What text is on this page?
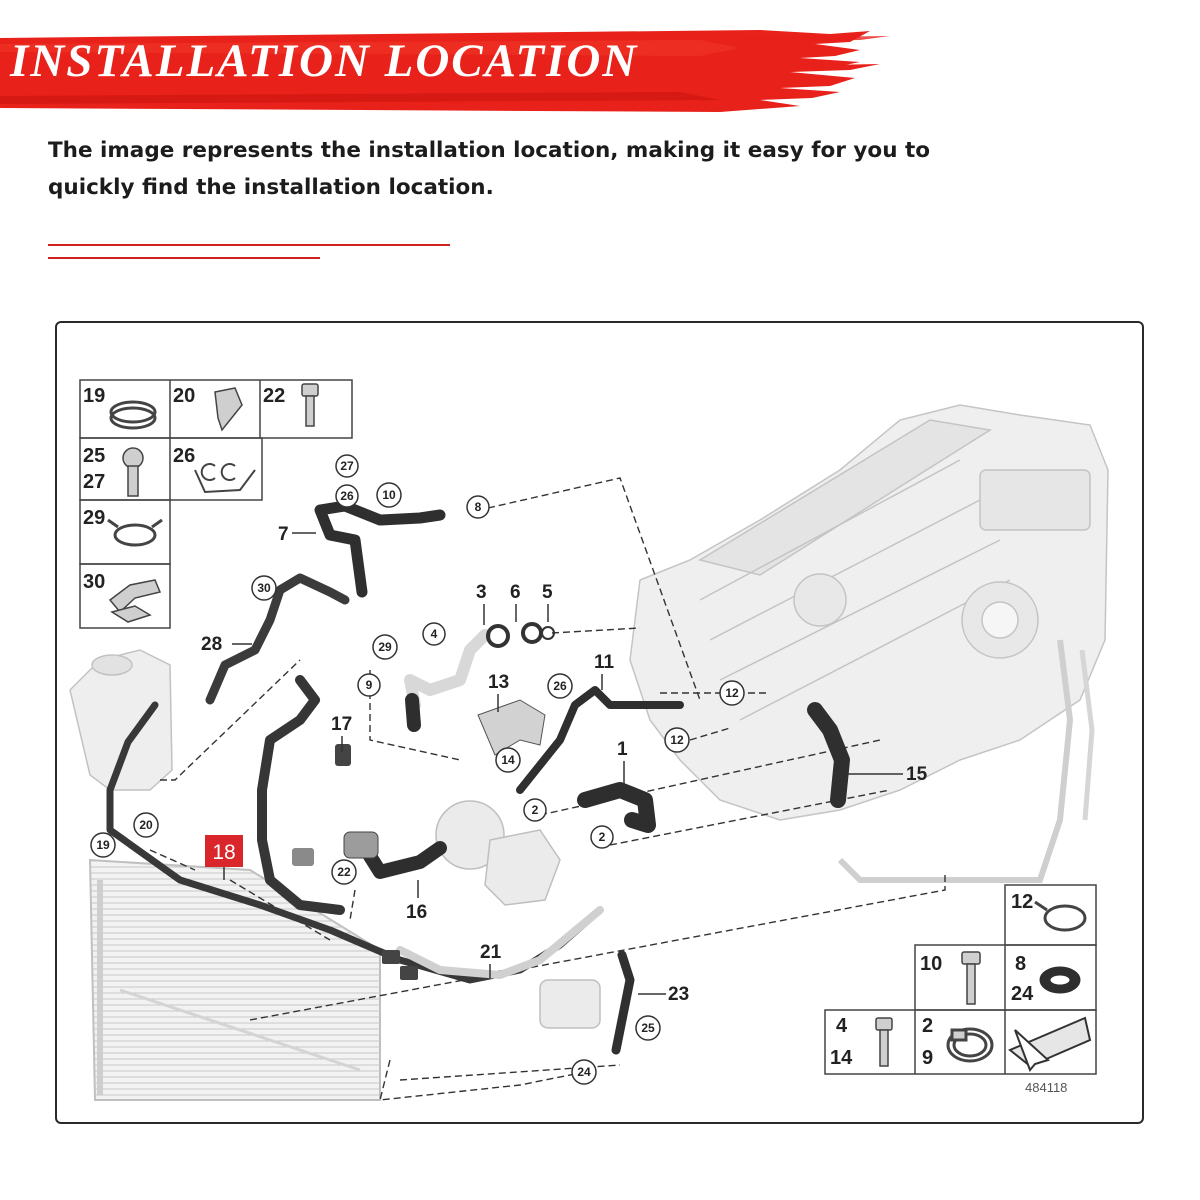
INSTALLATION LOCATION
The image represents the installation location, making it easy for you to quickly find the installation location.
19	20	22
25 27
26
29
30
12
10	8 24
4 14
2 9
484118
1
3	5
6
7
11
13
15
16
17
21
23
28
2
2
4
8
9
10
12
12
14
19
20
22
24
25
26
26
27
29
30
18
